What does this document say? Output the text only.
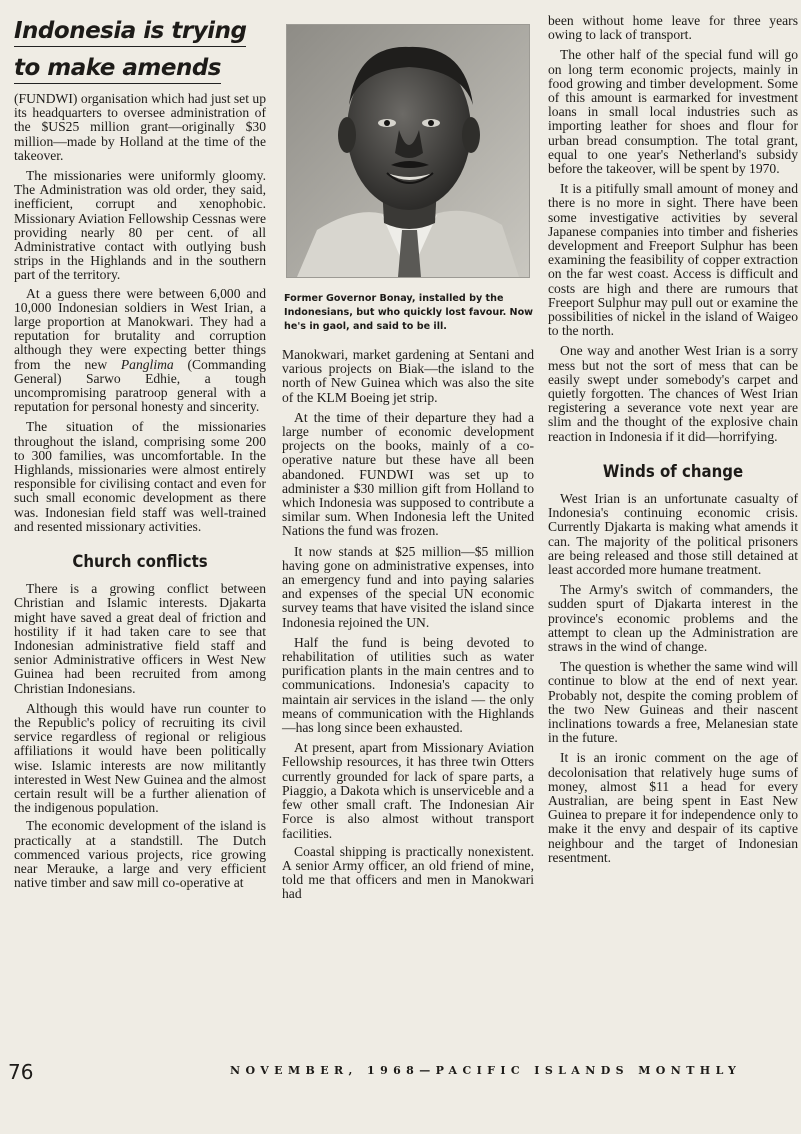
Indonesia is trying
to make amends

(FUNDWI) organisation which had just set up its headquarters to oversee administration of the $US25 million grant—originally $30 million—made by Holland at the time of the takeover.

The missionaries were uniformly gloomy. The Administration was old order, they said, inefficient, corrupt and xenophobic. Missionary Aviation Fellowship Cessnas were providing nearly 80 per cent. of all Administrative contact with outlying bush strips in the Highlands and in the southern part of the territory.

At a guess there were between 6,000 and 10,000 Indonesian soldiers in West Irian, a large proportion at Manokwari. They had a reputation for brutality and corruption although they were expecting better things from the new Panglima (Commanding General) Sarwo Edhie, a tough uncompromising paratroop general with a reputation for personal honesty and sincerity.

The situation of the missionaries throughout the island, comprising some 200 to 300 families, was uncomfortable. In the Highlands, missionaries were almost entirely responsible for civilising contact and even for such small economic development as there was. Indonesian field staff was well-trained and resented missionary activities.

Church conflicts

There is a growing conflict between Christian and Islamic interests. Djakarta might have saved a great deal of friction and hostility if it had taken care to see that Indonesian administrative field staff and senior Administrative officers in West New Guinea had been recruited from among Christian Indonesians.

Although this would have run counter to the Republic's policy of recruiting its civil service regardless of regional or religious affiliations it would have been politically wise. Islamic interests are now militantly interested in West New Guinea and the almost certain result will be a further alienation of the indigenous population.

The economic development of the island is practically at a standstill. The Dutch commenced various projects, rice growing near Merauke, a large and very efficient native timber and saw mill co-operative at

Former Governor Bonay, installed by the Indonesians, but who quickly lost favour. Now he's in gaol, and said to be ill.

Manokwari, market gardening at Sentani and various projects on Biak—the island to the north of New Guinea which was also the site of the KLM Boeing jet strip.

At the time of their departure they had a large number of economic development projects on the books, mainly of a co-operative nature but these have all been abandoned. FUNDWI was set up to administer a $30 million gift from Holland to which Indonesia was supposed to contribute a similar sum. When Indonesia left the United Nations the fund was frozen.

It now stands at $25 million—$5 million having gone on administrative expenses, into an emergency fund and into paying salaries and expenses of the special UN economic survey teams that have visited the island since Indonesia rejoined the UN.

Half the fund is being devoted to rehabilitation of utilities such as water purification plants in the main centres and to communications. Indonesia's capacity to maintain air services in the island — the only means of communication with the Highlands—has long since been exhausted.

At present, apart from Missionary Aviation Fellowship resources, it has three twin Otters currently grounded for lack of spare parts, a Piaggio, a Dakota which is unserviceble and a few other small craft. The Indonesian Air Force is also almost without transport facilities.

Coastal shipping is practically nonexistent. A senior Army officer, an old friend of mine, told me that officers and men in Manokwari had

been without home leave for three years owing to lack of transport.

The other half of the special fund will go on long term economic projects, mainly in food growing and timber development. Some of this amount is earmarked for investment loans in small local industries such as importing leather for shoes and flour for urban bread consumption. The total grant, equal to one year's Netherland's subsidy before the takeover, will be spent by 1970.

It is a pitifully small amount of money and there is no more in sight. There have been some investigative activities by several Japanese companies into timber and fisheries development and Freeport Sulphur has been examining the feasibility of copper extraction on the far west coast. Access is difficult and costs are high and there are rumours that Freeport Sulphur may pull out or examine the possibilities of nickel in the island of Waigeo to the north.

One way and another West Irian is a sorry mess but not the sort of mess that can be easily swept under somebody's carpet and quietly forgotten. The chances of West Irian registering a severance vote next year are slim and the thought of the explosive chain reaction in Indonesia if it did—horrifying.

Winds of change

West Irian is an unfortunate casualty of Indonesia's continuing economic crisis. Currently Djakarta is making what amends it can. The majority of the political prisoners are being released and those still detained at least accorded more humane treatment.

The Army's switch of commanders, the sudden spurt of Djakarta interest in the province's economic problems and the attempt to clean up the Administration are straws in the wind of change.

The question is whether the same wind will continue to blow at the end of next year. Probably not, despite the coming problem of the two New Guineas and their nascent inclinations towards a free, Melanesian state in the future.

It is an ironic comment on the age of decolonisation that relatively huge sums of money, almost $11 a head for every Australian, are being spent in East New Guinea to prepare it for independence only to make it the envy and despair of its captive neighbour and the target of Indonesian resentment.

76	NOVEMBER, 1968—PACIFIC ISLANDS MONTHLY
